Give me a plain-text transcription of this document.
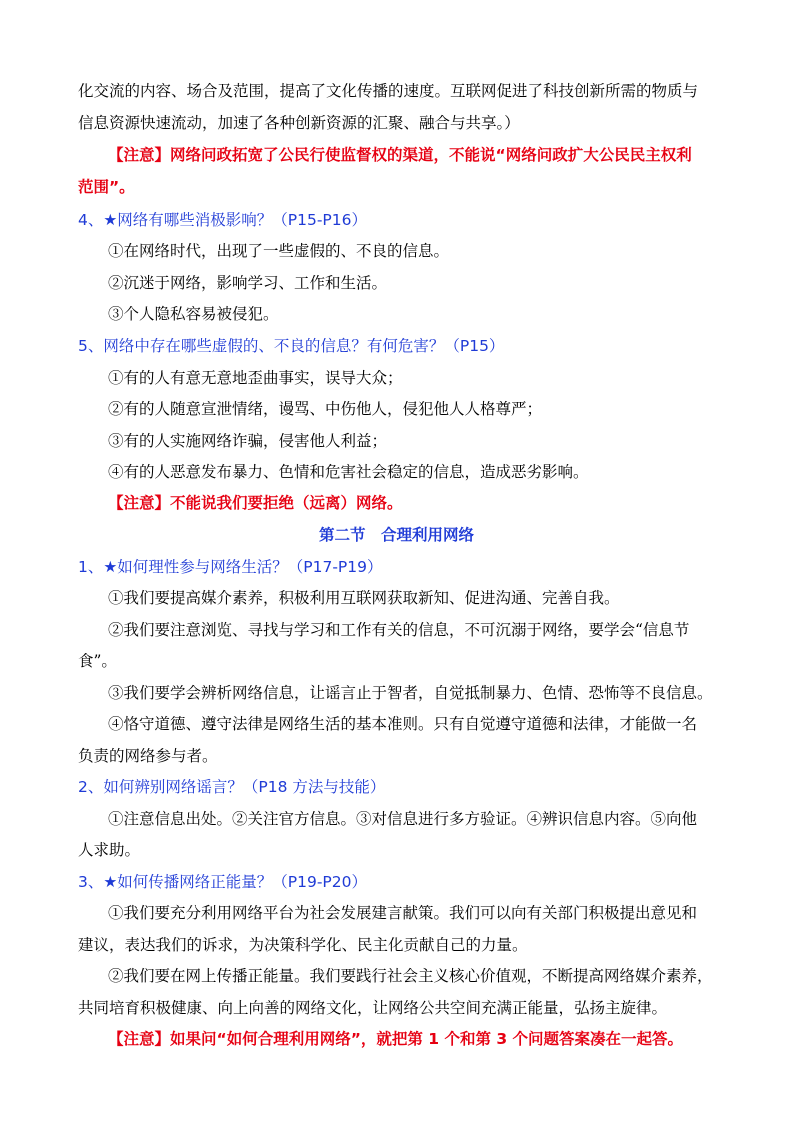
化交流的内容、场合及范围，提高了文化传播的速度。互联网促进了科技创新所需的物质与
信息资源快速流动，加速了各种创新资源的汇聚、融合与共享。）
【注意】网络问政拓宽了公民行使监督权的渠道，不能说“网络问政扩大公民民主权利
范围”。
4、★网络有哪些消极影响？（P15-P16）
①在网络时代，出现了一些虚假的、不良的信息。
②沉迷于网络，影响学习、工作和生活。
③个人隐私容易被侵犯。
5、网络中存在哪些虚假的、不良的信息？有何危害？（P15）
①有的人有意无意地歪曲事实，误导大众；
②有的人随意宣泄情绪，谩骂、中伤他人，侵犯他人人格尊严；
③有的人实施网络诈骗，侵害他人利益；
④有的人恶意发布暴力、色情和危害社会稳定的信息，造成恶劣影响。
【注意】不能说我们要拒绝（远离）网络。
第二节　合理利用网络
1、★如何理性参与网络生活？（P17-P19）
①我们要提高媒介素养，积极利用互联网获取新知、促进沟通、完善自我。
②我们要注意浏览、寻找与学习和工作有关的信息，不可沉溺于网络，要学会“信息节
食”。
③我们要学会辨析网络信息，让谣言止于智者，自觉抵制暴力、色情、恐怖等不良信息。
④恪守道德、遵守法律是网络生活的基本准则。只有自觉遵守道德和法律，才能做一名
负责的网络参与者。
2、如何辨别网络谣言？（P18 方法与技能）
①注意信息出处。②关注官方信息。③对信息进行多方验证。④辨识信息内容。⑤向他
人求助。
3、★如何传播网络正能量？（P19-P20）
①我们要充分利用网络平台为社会发展建言献策。我们可以向有关部门积极提出意见和
建议，表达我们的诉求，为决策科学化、民主化贡献自己的力量。
②我们要在网上传播正能量。我们要践行社会主义核心价值观，不断提高网络媒介素养，
共同培育积极健康、向上向善的网络文化，让网络公共空间充满正能量，弘扬主旋律。
【注意】如果问“如何合理利用网络”，就把第 1 个和第 3 个问题答案凑在一起答。
